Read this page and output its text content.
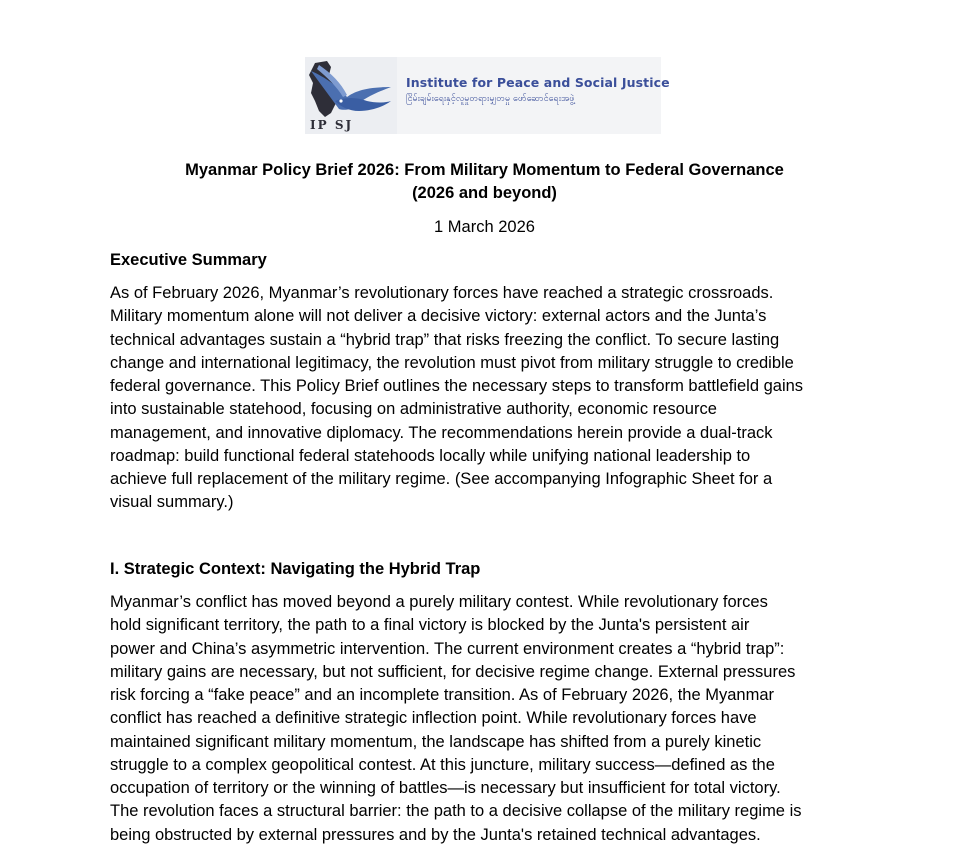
IP SJ
Institute for Peace and Social Justice
ငြိမ်းချမ်းရေးနှင့်လူမှုတရားမျှတမှု ဖော်ဆောင်ရေးအဖွဲ့
Myanmar Policy Brief 2026: From Military Momentum to Federal Governance
(2026 and beyond)
1 March 2026
Executive Summary
As of February 2026, Myanmar’s revolutionary forces have reached a strategic crossroads.
Military momentum alone will not deliver a decisive victory: external actors and the Junta’s
technical advantages sustain a “hybrid trap” that risks freezing the conflict. To secure lasting
change and international legitimacy, the revolution must pivot from military struggle to credible
federal governance. This Policy Brief outlines the necessary steps to transform battlefield gains
into sustainable statehood, focusing on administrative authority, economic resource
management, and innovative diplomacy. The recommendations herein provide a dual-track
roadmap: build functional federal statehoods locally while unifying national leadership to
achieve full replacement of the military regime. (See accompanying Infographic Sheet for a
visual summary.)
I. Strategic Context: Navigating the Hybrid Trap
Myanmar’s conflict has moved beyond a purely military contest. While revolutionary forces
hold significant territory, the path to a final victory is blocked by the Junta's persistent air
power and China’s asymmetric intervention. The current environment creates a “hybrid trap”:
military gains are necessary, but not sufficient, for decisive regime change. External pressures
risk forcing a “fake peace” and an incomplete transition. As of February 2026, the Myanmar
conflict has reached a definitive strategic inflection point. While revolutionary forces have
maintained significant military momentum, the landscape has shifted from a purely kinetic
struggle to a complex geopolitical contest. At this juncture, military success—defined as the
occupation of territory or the winning of battles—is necessary but insufficient for total victory.
The revolution faces a structural barrier: the path to a decisive collapse of the military regime is
being obstructed by external pressures and by the Junta's retained technical advantages.
